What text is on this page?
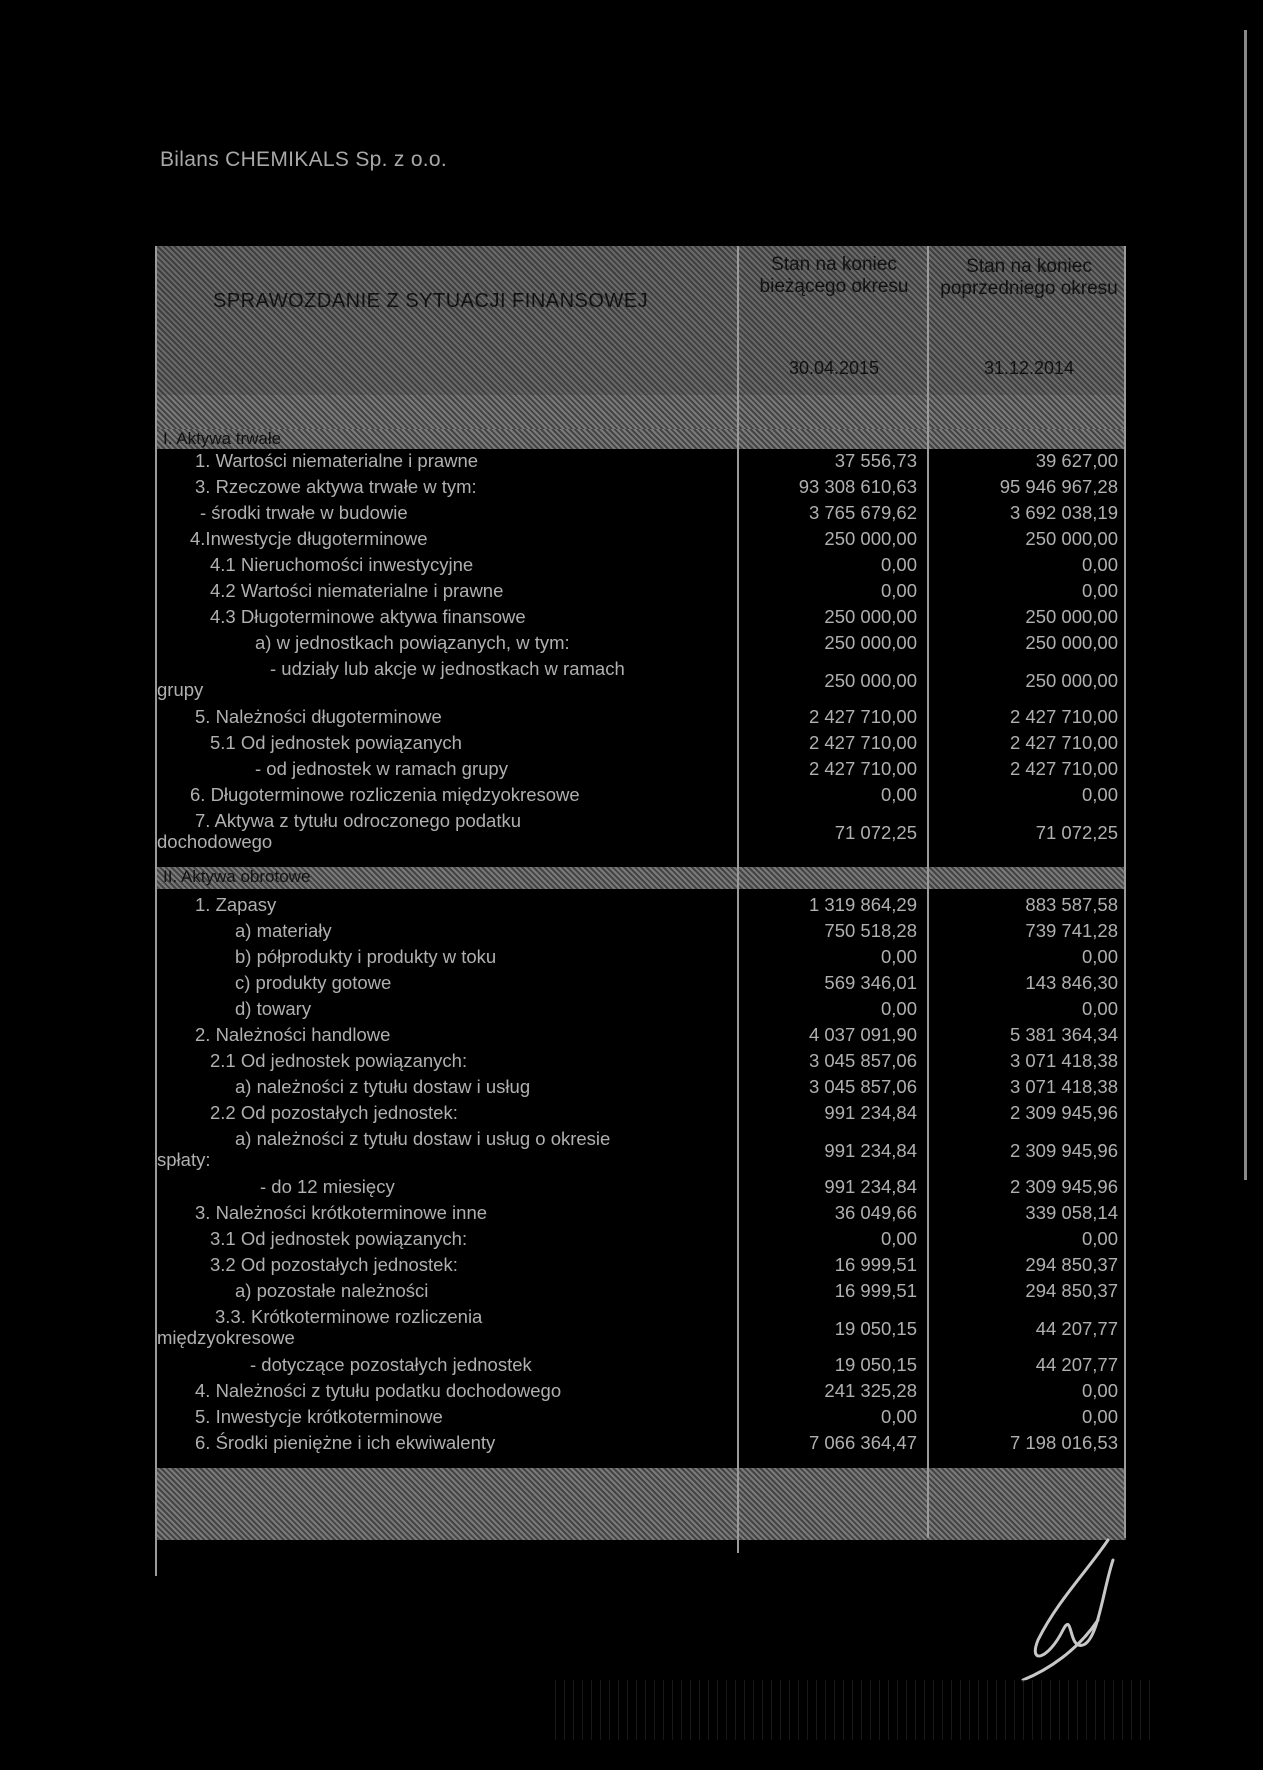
Bilans CHEMIKALS Sp. z o.o.
SPRAWOZDANIE Z SYTUACJI FINANSOWEJ
Stan na koniec bieżącego okresu
Stan na koniec poprzedniego okresu
30.04.2015	31.12.2014
I. Aktywa trwałe
II. Aktywa obrotowe
1. Wartości niematerialne i prawne	37 556,73	39 627,00
3. Rzeczowe aktywa trwałe w tym:	93 308 610,63	95 946 967,28
- środki trwałe w budowie	3 765 679,62	3 692 038,19
4.Inwestycje długoterminowe	250 000,00	250 000,00
4.1 Nieruchomości inwestycyjne	0,00	0,00
4.2 Wartości niematerialne i prawne	0,00	0,00
4.3 Długoterminowe aktywa finansowe	250 000,00	250 000,00
a) w jednostkach powiązanych, w tym:	250 000,00	250 000,00
- udziały lub akcje w jednostkach w ramach
grupy	250 000,00	250 000,00
5. Należności długoterminowe	2 427 710,00	2 427 710,00
5.1 Od jednostek powiązanych	2 427 710,00	2 427 710,00
- od jednostek w ramach grupy	2 427 710,00	2 427 710,00
6. Długoterminowe rozliczenia międzyokresowe	0,00	0,00
7. Aktywa z tytułu odroczonego podatku
dochodowego	71 072,25	71 072,25
1. Zapasy	1 319 864,29	883 587,58
a) materiały	750 518,28	739 741,28
b) półprodukty i produkty w toku	0,00	0,00
c) produkty gotowe	569 346,01	143 846,30
d) towary	0,00	0,00
2. Należności handlowe	4 037 091,90	5 381 364,34
2.1 Od jednostek powiązanych:	3 045 857,06	3 071 418,38
a) należności z tytułu dostaw i usług	3 045 857,06	3 071 418,38
2.2 Od pozostałych jednostek:	991 234,84	2 309 945,96
a) należności z tytułu dostaw i usług o okresie
spłaty:	991 234,84	2 309 945,96
- do 12 miesięcy	991 234,84	2 309 945,96
3. Należności krótkoterminowe inne	36 049,66	339 058,14
3.1 Od jednostek powiązanych:	0,00	0,00
3.2 Od pozostałych jednostek:	16 999,51	294 850,37
a) pozostałe należności	16 999,51	294 850,37
3.3. Krótkoterminowe rozliczenia
międzyokresowe	19 050,15	44 207,77
- dotyczące pozostałych jednostek	19 050,15	44 207,77
4. Należności z tytułu podatku dochodowego	241 325,28	0,00
5. Inwestycje krótkoterminowe	0,00	0,00
6. Środki pieniężne i ich ekwiwalenty	7 066 364,47	7 198 016,53
